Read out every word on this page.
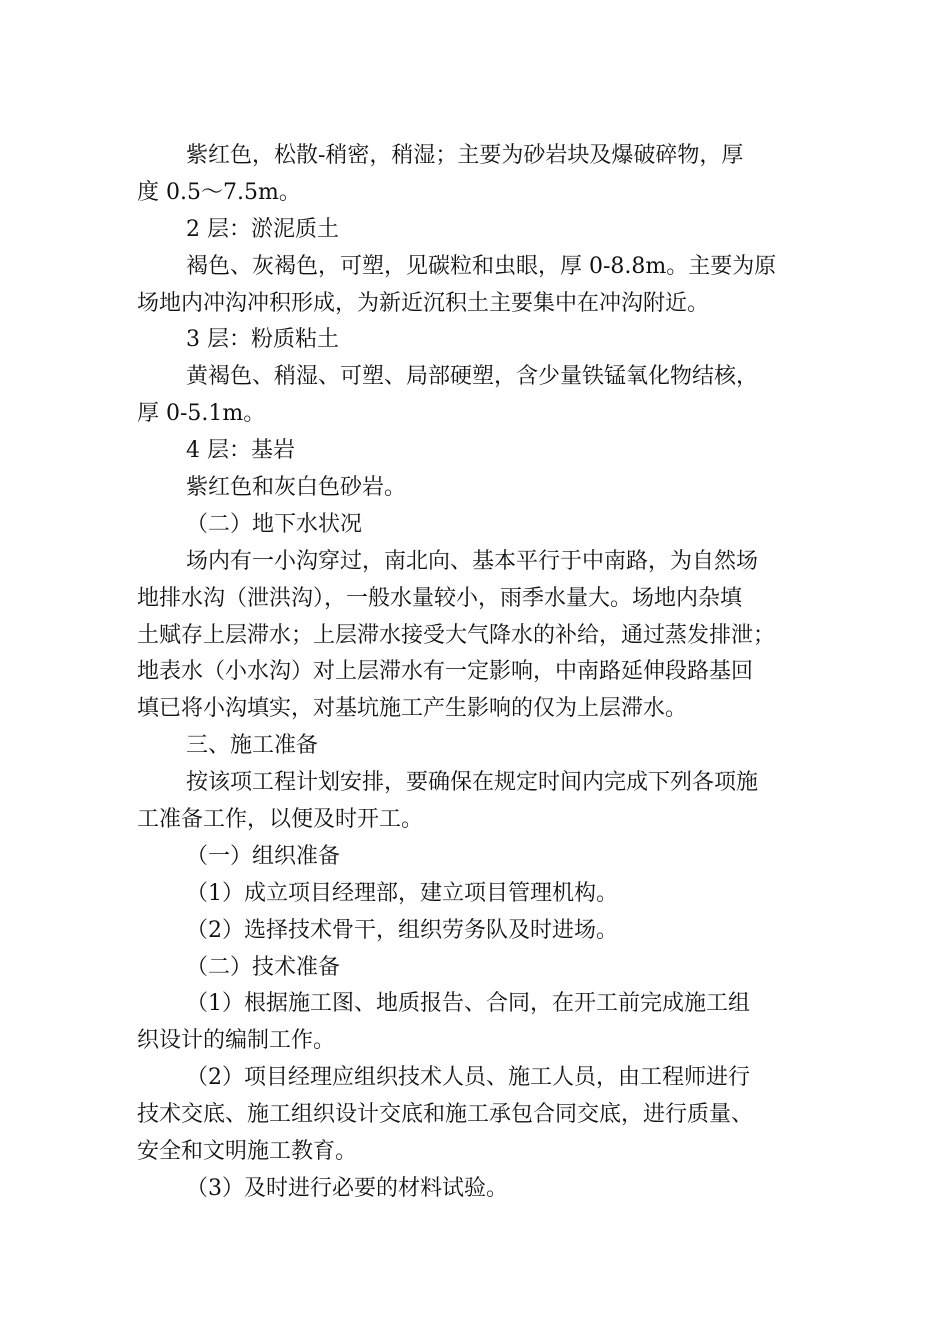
紫红色，松散-稍密，稍湿；主要为砂岩块及爆破碎物，厚
度 0.5～7.5m。
2 层：淤泥质土
褐色、灰褐色，可塑，见碳粒和虫眼，厚 0-8.8m。主要为原
场地内冲沟冲积形成，为新近沉积土主要集中在冲沟附近。
3 层：粉质粘土
黄褐色、稍湿、可塑、局部硬塑，含少量铁锰氧化物结核，
厚 0-5.1m。
4 层：基岩
紫红色和灰白色砂岩。
（二）地下水状况
场内有一小沟穿过，南北向、基本平行于中南路，为自然场
地排水沟（泄洪沟），一般水量较小，雨季水量大。场地内杂填
土赋存上层滞水；上层滞水接受大气降水的补给，通过蒸发排泄；
地表水（小水沟）对上层滞水有一定影响，中南路延伸段路基回
填已将小沟填实，对基坑施工产生影响的仅为上层滞水。
三、施工准备
按该项工程计划安排，要确保在规定时间内完成下列各项施
工准备工作，以便及时开工。
（一）组织准备
（1）成立项目经理部，建立项目管理机构。
（2）选择技术骨干，组织劳务队及时进场。
（二）技术准备
（1）根据施工图、地质报告、合同，在开工前完成施工组
织设计的编制工作。
（2）项目经理应组织技术人员、施工人员，由工程师进行
技术交底、施工组织设计交底和施工承包合同交底，进行质量、
安全和文明施工教育。
（3）及时进行必要的材料试验。
